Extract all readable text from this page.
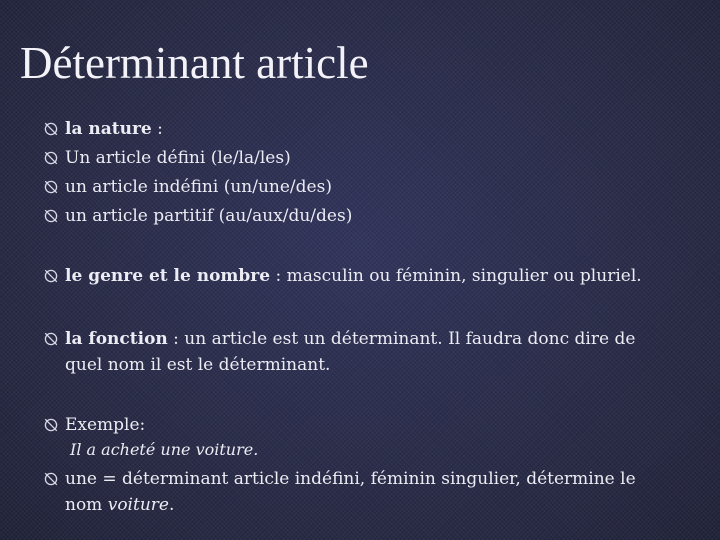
Déterminant article
la nature :
Un article défini (le/la/les)
un article indéfini (un/une/des)
un article partitif (au/aux/du/des)
le genre et le nombre : masculin ou féminin, singulier ou pluriel.
la fonction : un article est un déterminant. Il faudra donc dire de
quel nom il est le déterminant.
Exemple:
Il a acheté une voiture.
une = déterminant article indéfini, féminin singulier, détermine le
nom voiture.
